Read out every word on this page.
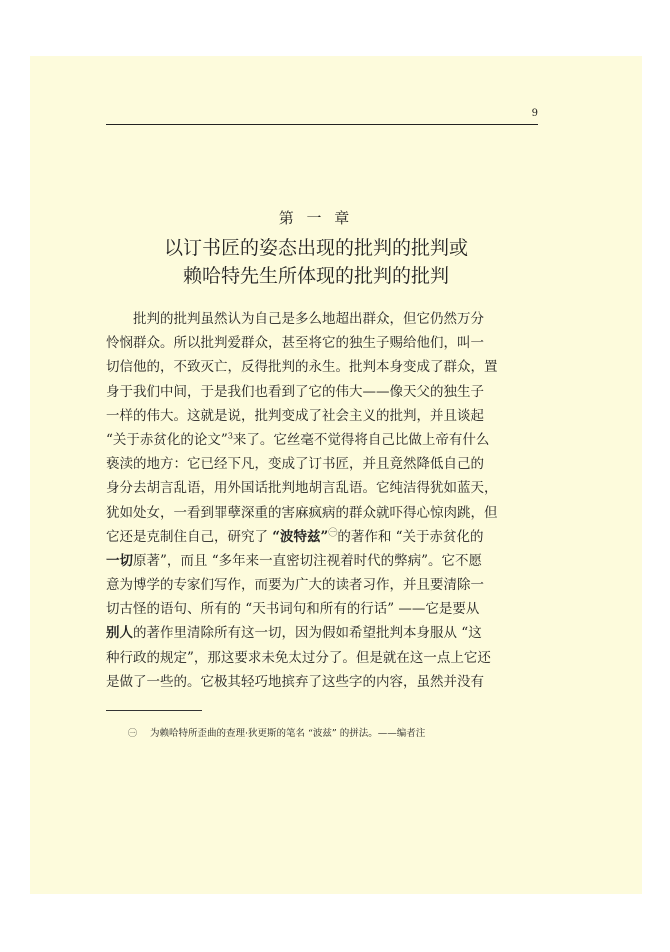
9
第 一 章
以订书匠的姿态出现的批判的批判或
赖哈特先生所体现的批判的批判
批判的批判虽然认为自己是多么地超出群众，但它仍然万分
怜悯群众。所以批判爱群众，甚至将它的独生子赐给他们，叫一
切信他的，不致灭亡，反得批判的永生。批判本身变成了群众，置
身于我们中间，于是我们也看到了它的伟大——像天父的独生子
一样的伟大。这就是说，批判变成了社会主义的批判，并且谈起
“关于赤贫化的论文”$^3$来了。它丝毫不觉得将自己比做上帝有什么
亵渎的地方：它已经下凡，变成了订书匠，并且竟然降低自己的
身分去胡言乱语，用外国话批判地胡言乱语。它纯洁得犹如蓝天，
犹如处女，一看到罪孽深重的害麻疯病的群众就吓得心惊肉跳，但
它还是克制住自己，研究了 “波特兹”$^㊀$的著作和 “关于赤贫化的
一切原著”，而且 “多年来一直密切注视着时代的弊病”。它不愿
意为博学的专家们写作，而要为广大的读者习作，并且要清除一
切古怪的语句、所有的 “天书词句和所有的行话” ——它是要从
别人的著作里清除所有这一切，因为假如希望批判本身服从 “这
种行政的规定”，那这要求未免太过分了。但是就在这一点上它还
是做了一些的。它极其轻巧地摈弃了这些字的内容，虽然并没有
㊀ 为赖哈特所歪曲的查理·狄更斯的笔名 “波兹” 的拼法。——编者注
